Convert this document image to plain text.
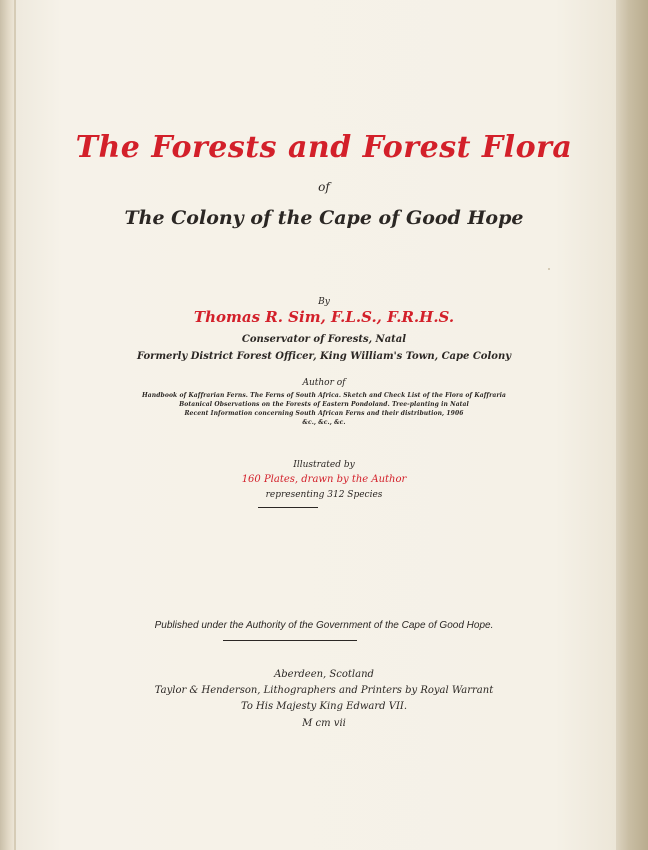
The Forests and Forest Flora
of
The Colony of the Cape of Good Hope
By
Thomas R. Sim, F.L.S., F.R.H.S.
Conservator of Forests, Natal
Formerly District Forest Officer, King William's Town, Cape Colony
Author of
Handbook of Kaffrarian Ferns. The Ferns of South Africa. Sketch and Check List of the Flora of Kaffraria
Botanical Observations on the Forests of Eastern Pondoland. Tree-planting in Natal
Recent Information concerning South African Ferns and their distribution, 1906
&c., &c., &c.
Illustrated by
160 Plates, drawn by the Author
representing 312 Species
Published under the Authority of the Government of the Cape of Good Hope.
Aberdeen, Scotland
Taylor & Henderson, Lithographers and Printers by Royal Warrant
To His Majesty King Edward VII.
M cm vii
